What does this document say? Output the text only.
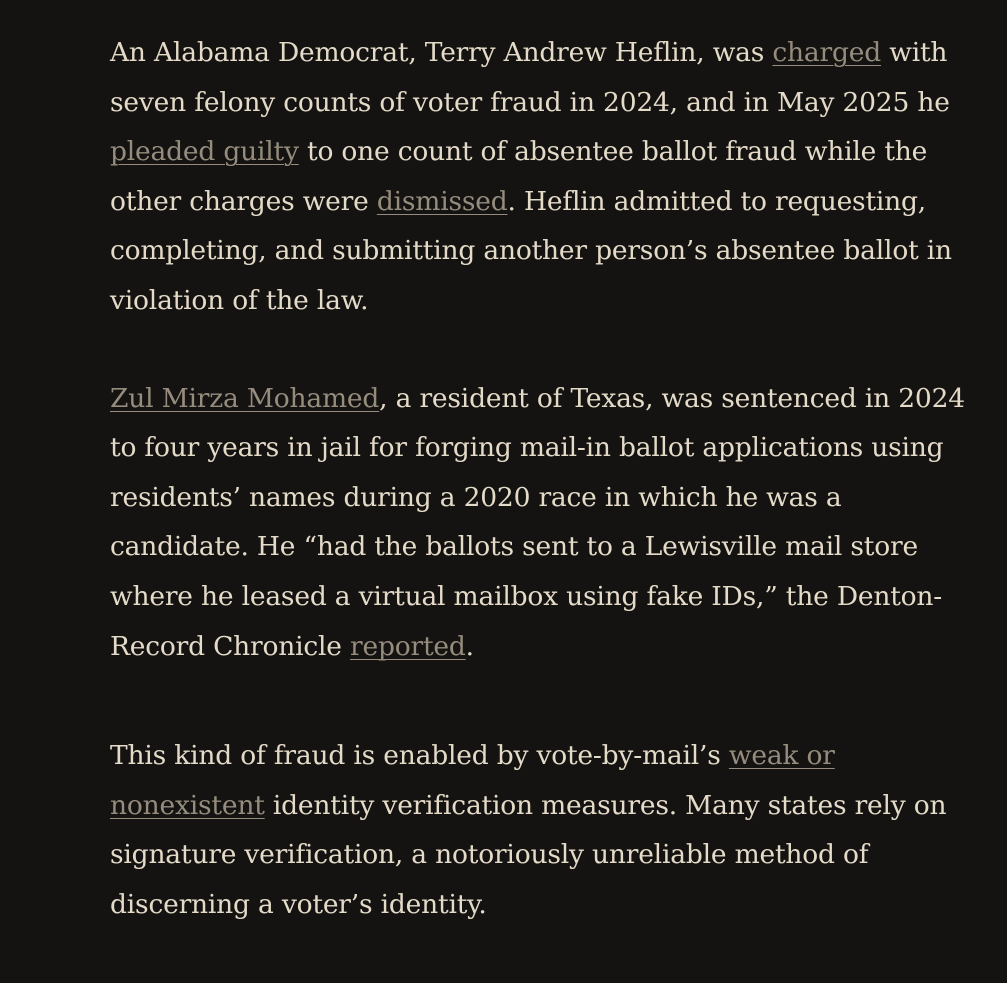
An Alabama Democrat, Terry Andrew Heflin, was charged with seven felony counts of voter fraud in 2024, and in May 2025 he pleaded guilty to one count of absentee ballot fraud while the other charges were dismissed. Heflin admitted to requesting, completing, and submitting another person’s absentee ballot in violation of the law.

Zul Mirza Mohamed, a resident of Texas, was sentenced in 2024 to four years in jail for forging mail-in ballot applications using residents’ names during a 2020 race in which he was a candidate. He “had the ballots sent to a Lewisville mail store where he leased a virtual mailbox using fake IDs,” the Denton-Record Chronicle reported.

This kind of fraud is enabled by vote-by-mail’s weak or nonexistent identity verification measures. Many states rely on signature verification, a notoriously unreliable method of discerning a voter’s identity.
